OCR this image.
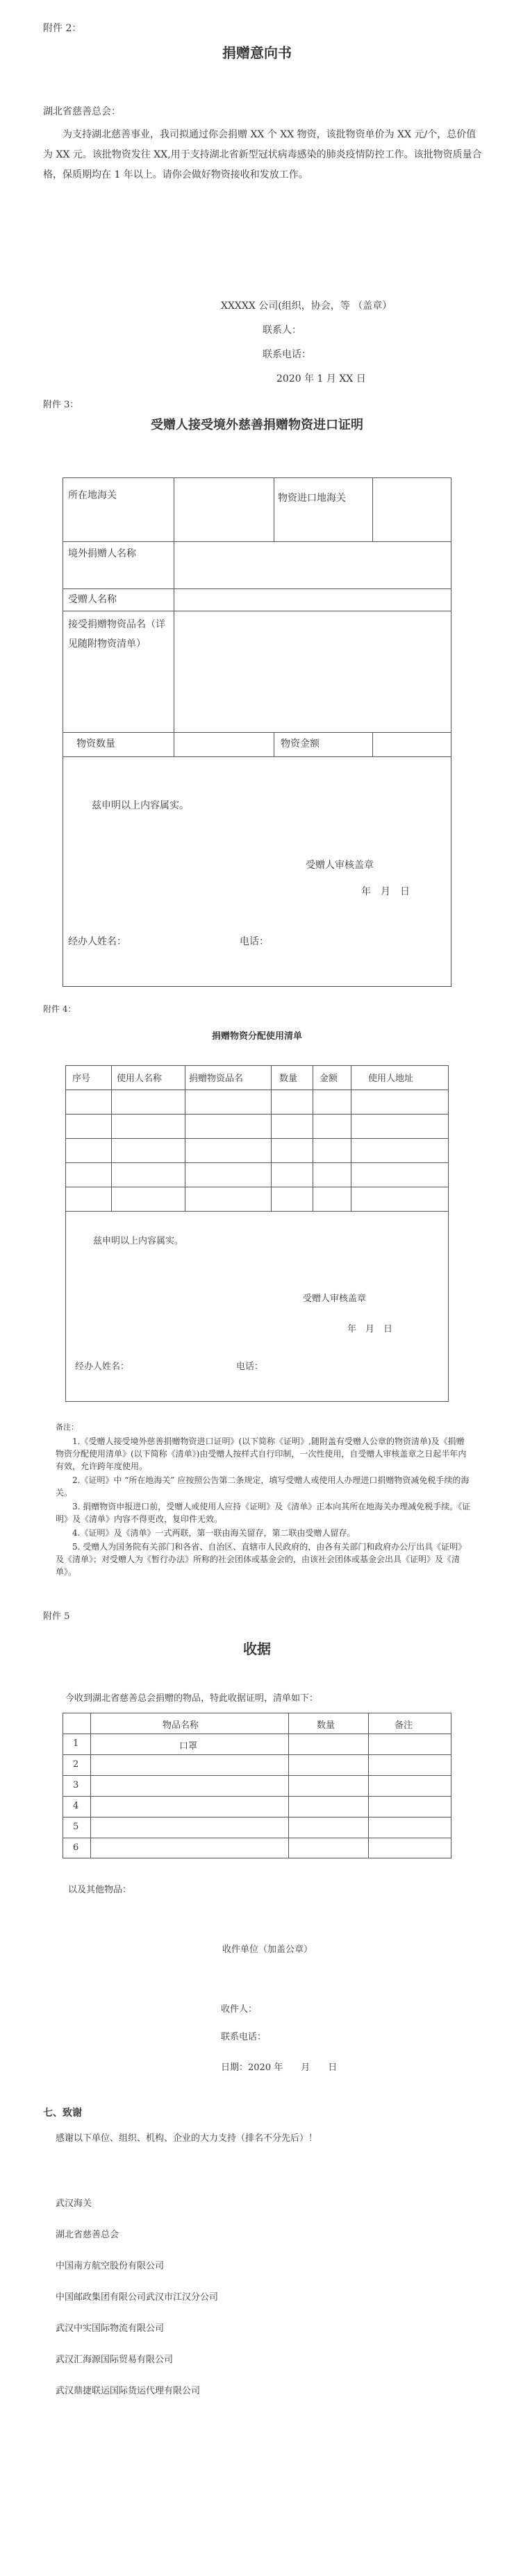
附件 2：
捐赠意向书
湖北省慈善总会：
为支持湖北慈善事业，我司拟通过你会捐赠 XX 个 XX 物资，该批物资单价为 XX 元/个，总价值为 XX 元。该批物资发往 XX,用于支持湖北省新型冠状病毒感染的肺炎疫情防控工作。该批物资质量合格，保质期均在 1 年以上。请你会做好物资接收和发放工作。
XXXXX 公司(组织，协会，等 （盖章）
联系人：
联系电话：
2020 年 1 月 XX 日
附件 3：
受赠人接受境外慈善捐赠物资进口证明
所在地海关	物资进口地海关
境外捐赠人名称
受赠人名称
接受捐赠物资品名（详见随附物资清单）
物资数量	物资金额
兹申明以上内容属实。
受赠人审核盖章
年　月　日
经办人姓名：	电话：
附件 4：
捐赠物资分配使用清单
序号	使用人名称	捐赠物资品名	数量 金额	使用人地址
兹申明以上内容属实。
受赠人审核盖章
年　月　日
经办人姓名：	电话：
备注：
1.《受赠人接受境外慈善捐赠物资进口证明》(以下简称《证明》,随附盖有受赠人公章的物资清单)及《捐赠物资分配使用清单》(以下简称《清单》)由受赠人按样式自行印制，一次性使用，自受赠人审核盖章之日起半年内有效，允许跨年度使用。
2.《证明》中 “所在地海关” 应按照公告第二条规定，填写受赠人或使用人办理进口捐赠物资减免税手续的海关。
3. 捐赠物资申报进口前，受赠人或使用人应持《证明》及《清单》正本向其所在地海关办理减免税手续。《证明》及《清单》内容不得更改，复印件无效。
4.《证明》及《清单》一式两联，第一联由海关留存，第二联由受赠人留存。
5. 受赠人为国务院有关部门和各省、自治区、直辖市人民政府的，由各有关部门和政府办公厅出具《证明》及《清单》；对受赠人为《暂行办法》所称的社会团体或基金会的，由该社会团体或基金会出具《证明》及《清单》。
附件 5
收据
今收到湖北省慈善总会捐赠的物品，特此收据证明，清单如下：
物品名称	数量	备注
1	口罩
2
3
4
5
6
以及其他物品：
收件单位（加盖公章）
收件人：
联系电话：
日期：2020 年　　月　　日
七、致谢
感谢以下单位、组织、机构、企业的大力支持（排名不分先后）！
武汉海关
湖北省慈善总会
中国南方航空股份有限公司
中国邮政集团有限公司武汉市江汉分公司
武汉中实国际物流有限公司
武汉汇海源国际贸易有限公司
武汉鼎捷联运国际货运代理有限公司
